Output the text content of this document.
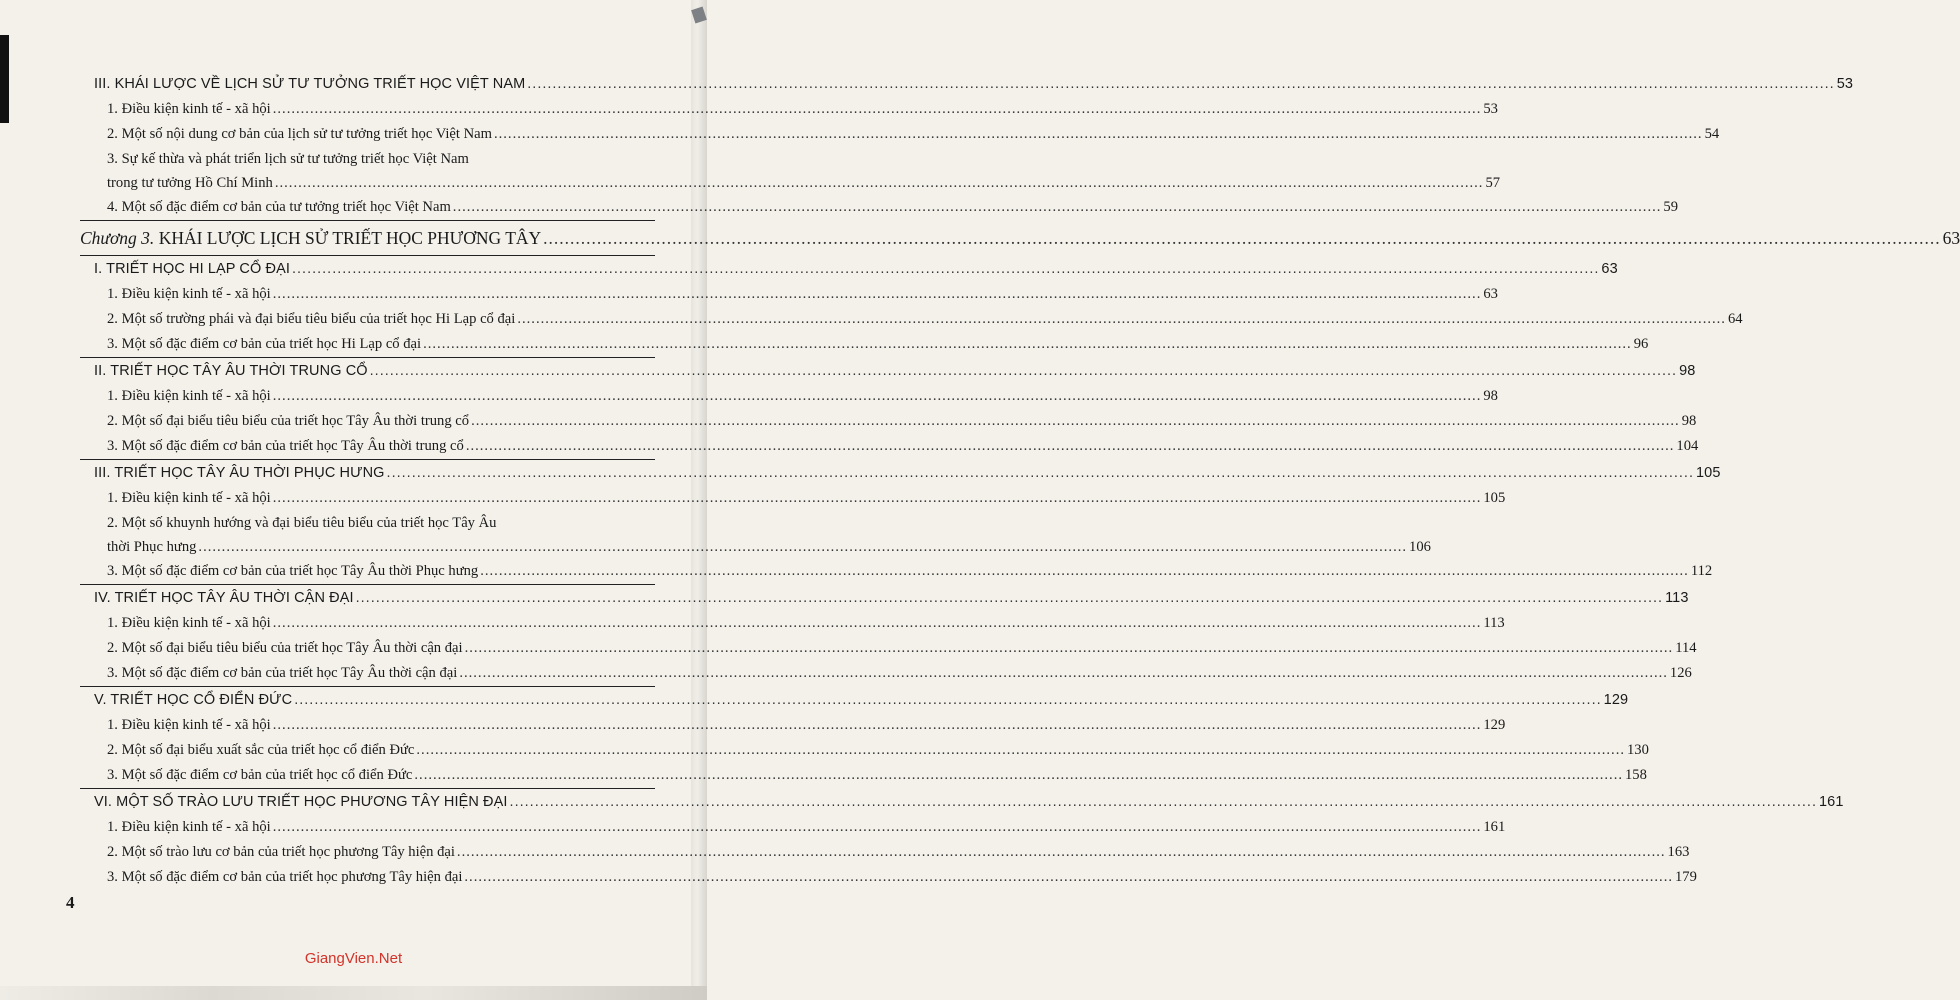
III. KHÁI LƯỢC VỀ LỊCH SỬ TƯ TƯỞNG TRIẾT HỌC VIỆT NAM .....	53
1. Điều kiện kinh tế - xã hội .....	53
2. Một số nội dung cơ bản của lịch sử tư tưởng triết học Việt Nam .....	54
3. Sự kế thừa và phát triển lịch sử tư tưởng triết học Việt Nam
trong tư tưởng Hồ Chí Minh .....	57
4. Một số đặc điểm cơ bản của tư tưởng triết học Việt Nam .....	59
Chương 3. KHÁI LƯỢC LỊCH SỬ TRIẾT HỌC PHƯƠNG TÂY .....	63
I. TRIẾT HỌC HI LẠP CỔ ĐẠI .....	63
1. Điều kiện kinh tế - xã hội .....	63
2. Một số trường phái và đại biểu tiêu biểu của triết học Hi Lạp cổ đại .....	64
3. Một số đặc điểm cơ bản của triết học Hi Lạp cổ đại .....	96
II. TRIẾT HỌC TÂY ÂU THỜI TRUNG CỔ .....	98
1. Điều kiện kinh tế - xã hội .....	98
2. Một số đại biểu tiêu biểu của triết học Tây Âu thời trung cổ .....	98
3. Một số đặc điểm cơ bản của triết học Tây Âu thời trung cổ .....	104
III. TRIẾT HỌC TÂY ÂU THỜI PHỤC HƯNG .....	105
1. Điều kiện kinh tế - xã hội .....	105
2. Một số khuynh hướng và đại biểu tiêu biểu của triết học Tây Âu
thời Phục hưng .....	106
3. Một số đặc điểm cơ bản của triết học Tây Âu thời Phục hưng .....	112
IV. TRIẾT HỌC TÂY ÂU THỜI CẬN ĐẠI .....	113
1. Điều kiện kinh tế - xã hội .....	113
2. Một số đại biểu tiêu biểu của triết học Tây Âu thời cận đại .....	114
3. Một số đặc điểm cơ bản của triết học Tây Âu thời cận đại .....	126
V. TRIẾT HỌC CỔ ĐIỂN ĐỨC .....	129
1. Điều kiện kinh tế - xã hội .....	129
2. Một số đại biểu xuất sắc của triết học cổ điển Đức .....	130
3. Một số đặc điểm cơ bản của triết học cổ điển Đức .....	158
VI. MỘT SỐ TRÀO LƯU TRIẾT HỌC PHƯƠNG TÂY HIỆN ĐẠI .....	161
1. Điều kiện kinh tế - xã hội .....	161
2. Một số trào lưu cơ bản của triết học phương Tây hiện đại .....	163
3. Một số đặc điểm cơ bản của triết học phương Tây hiện đại .....	179
4
GiangVien.Net
